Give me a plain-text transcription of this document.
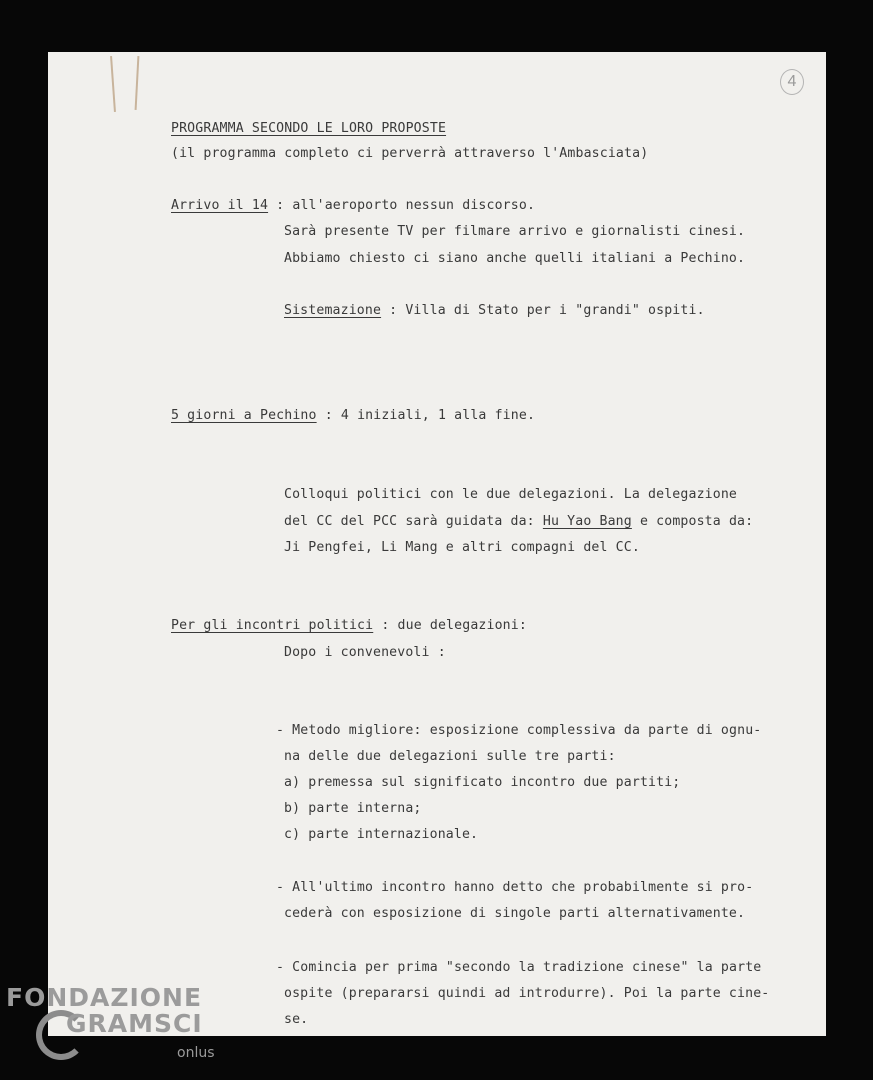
4
PROGRAMMA SECONDO LE LORO PROPOSTE
(il programma completo ci perverrà attraverso l'Ambasciata)
Arrivo il 14 : all'aeroporto nessun discorso.
Sarà presente TV per filmare arrivo e giornalisti cinesi.
Abbiamo chiesto ci siano anche quelli italiani a Pechino.
Sistemazione : Villa di Stato per i "grandi" ospiti.
5 giorni a Pechino : 4 iniziali, 1 alla fine.
Colloqui politici con le due delegazioni. La delegazione
del CC del PCC sarà guidata da: Hu Yao Bang e composta da:
Ji Pengfei, Li Mang e altri compagni del CC.
Per gli incontri politici : due delegazioni:
Dopo i convenevoli :
- Metodo migliore: esposizione complessiva da parte di ognu-
na delle due delegazioni sulle tre parti:
a) premessa sul significato incontro due partiti;
b) parte interna;
c) parte internazionale.
- All'ultimo incontro hanno detto che probabilmente si pro-
cederà con esposizione di singole parti alternativamente.
- Comincia per prima "secondo la tradizione cinese" la parte
ospite (prepararsi quindi ad introdurre). Poi la parte cine-
se.
FONDAZIONE
GRAMSCI
onlus
